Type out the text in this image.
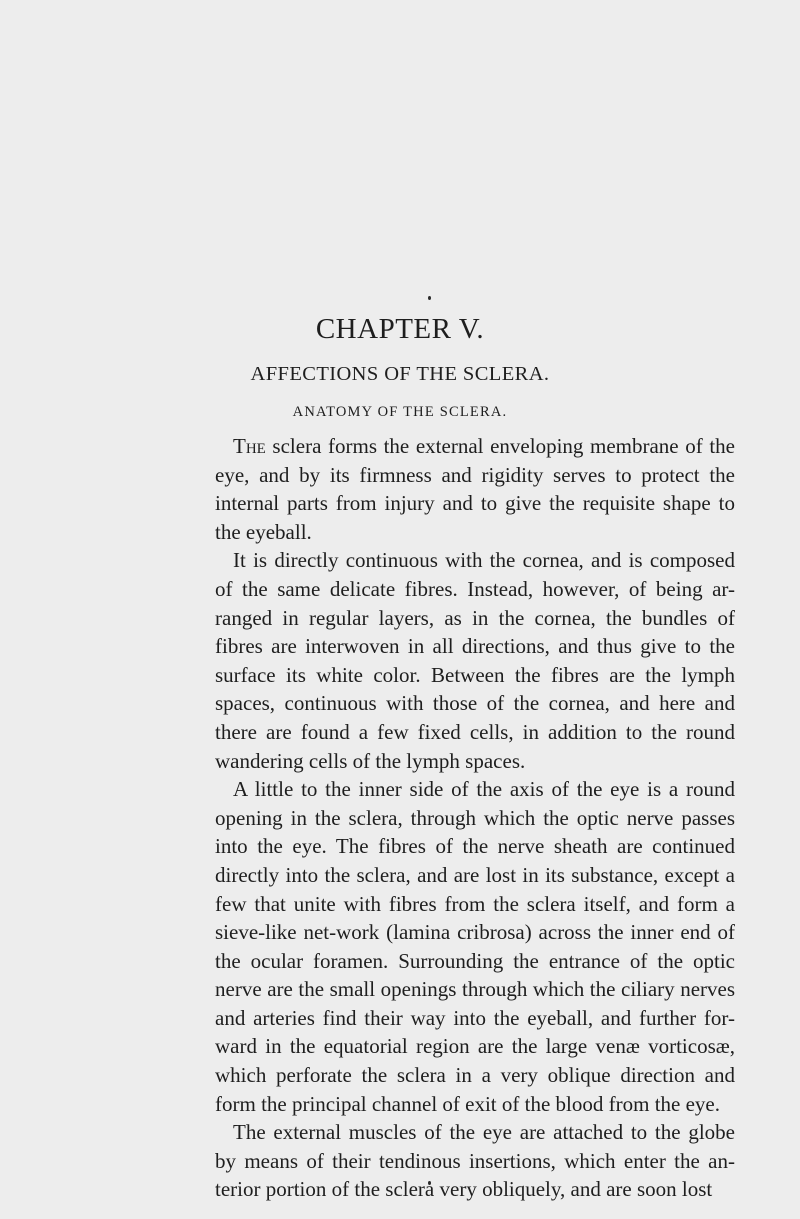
CHAPTER V.
AFFECTIONS OF THE SCLERA.
ANATOMY OF THE SCLERA.

The sclera forms the external enveloping membrane of the eye, and by its firmness and rigidity serves to protect the internal parts from injury and to give the requisite shape to the eyeball.

It is directly continuous with the cornea, and is composed of the same delicate fibres. Instead, however, of being ar-ranged in regular layers, as in the cornea, the bundles of fibres are interwoven in all directions, and thus give to the surface its white color. Between the fibres are the lymph spaces, continuous with those of the cornea, and here and there are found a few fixed cells, in addition to the round wandering cells of the lymph spaces.

A little to the inner side of the axis of the eye is a round opening in the sclera, through which the optic nerve passes into the eye. The fibres of the nerve sheath are continued directly into the sclera, and are lost in its substance, except a few that unite with fibres from the sclera itself, and form a sieve-like net-work (lamina cribrosa) across the inner end of the ocular foramen. Surrounding the entrance of the optic nerve are the small openings through which the ciliary nerves and arteries find their way into the eyeball, and further for-ward in the equatorial region are the large venæ vorticosæ, which perforate the sclera in a very oblique direction and form the principal channel of exit of the blood from the eye.

The external muscles of the eye are attached to the globe by means of their tendinous insertions, which enter the an-terior portion of the sclera very obliquely, and are soon lost
